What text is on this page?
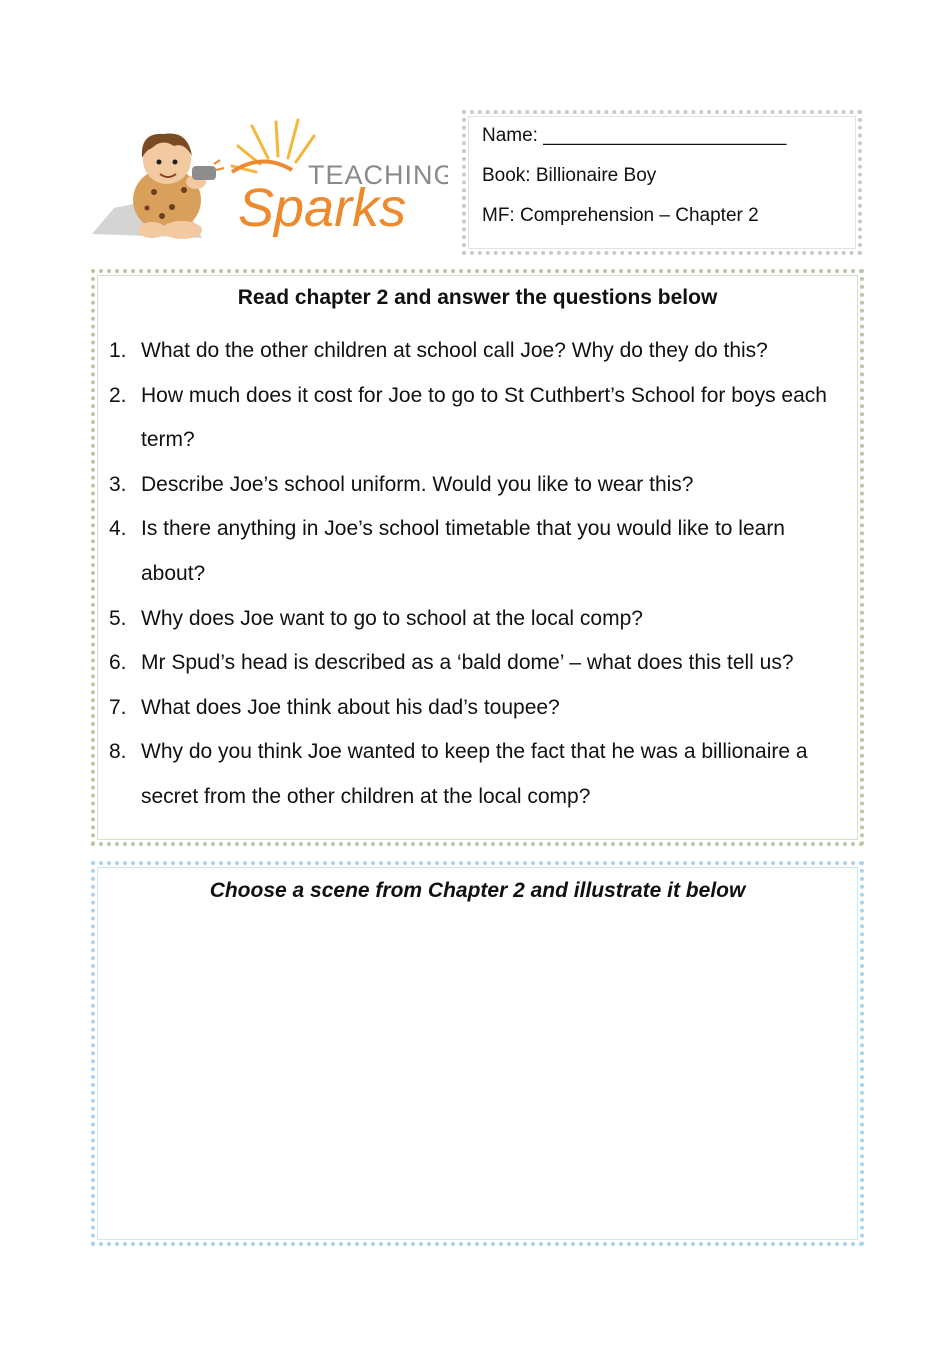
TEACHING
Sparks
Name: _______________________
Book: Billionaire Boy
MF: Comprehension – Chapter 2
Read chapter 2 and answer the questions below
1. What do the other children at school call Joe? Why do they do this?
2. How much does it cost for Joe to go to St Cuthbert’s School for boys each term?
3. Describe Joe’s school uniform. Would you like to wear this?
4. Is there anything in Joe’s school timetable that you would like to learn about?
5. Why does Joe want to go to school at the local comp?
6. Mr Spud’s head is described as a ‘bald dome’ – what does this tell us?
7. What does Joe think about his dad’s toupee?
8. Why do you think Joe wanted to keep the fact that he was a billionaire a secret from the other children at the local comp?
Choose a scene from Chapter 2 and illustrate it below
